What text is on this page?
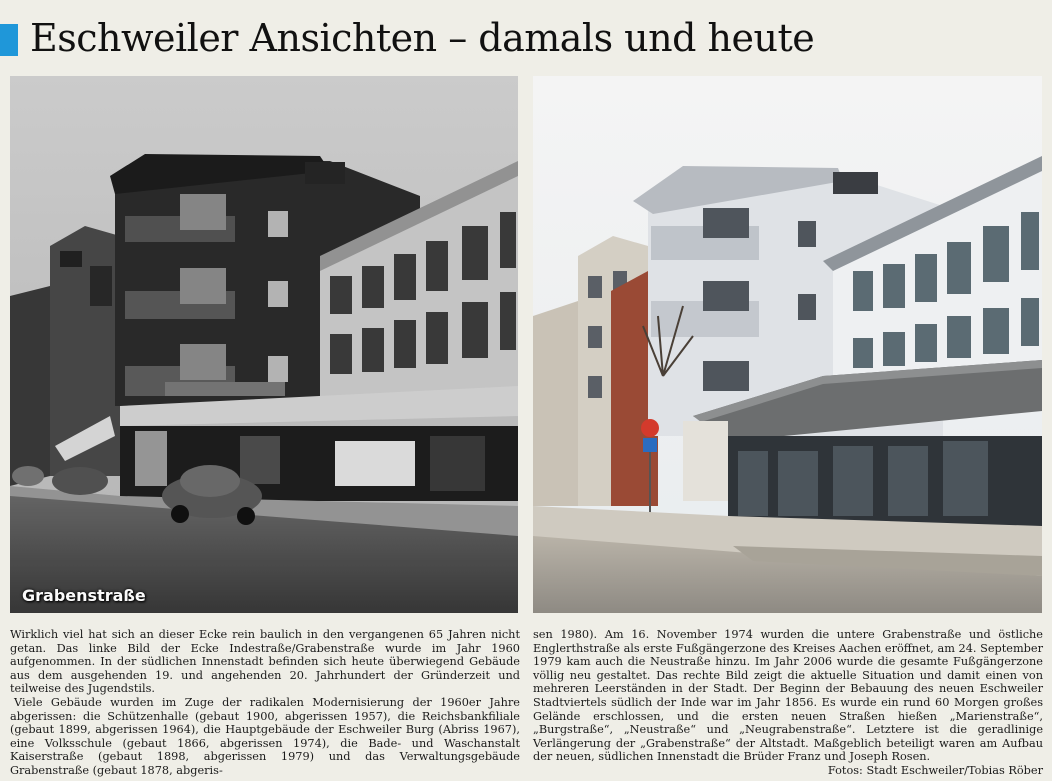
Eschweiler Ansichten – damals und heute
Grabenstraße

Wirklich viel hat sich an dieser Ecke rein baulich in den vergangenen 65 Jahren nicht getan. Das linke Bild der Ecke Indestraße/Grabenstraße wurde im Jahr 1960 aufgenommen. In der südlichen Innenstadt befinden sich heute überwiegend Gebäude aus dem ausgehenden 19. und angehenden 20. Jahrhundert der Gründerzeit und teilweise des Jugendstils.

Viele Gebäude wurden im Zuge der radikalen Modernisierung der 1960er Jahre abgerissen: die Schützenhalle (gebaut 1900, abgerissen 1957), die Reichsbankfiliale (gebaut 1899, abgerissen 1964), die Hauptgebäude der Eschweiler Burg (Abriss 1967), eine Volksschule (gebaut 1866, abgerissen 1974), die Bade- und Waschanstalt Kaiserstraße (gebaut 1898, abgerissen 1979) und das Verwaltungsgebäude Grabenstraße (gebaut 1878, abgeris-

sen 1980). Am 16. November 1974 wurden die untere Grabenstraße und östliche Englerthstraße als erste Fußgängerzone des Kreises Aachen eröffnet, am 24. September 1979 kam auch die Neustraße hinzu. Im Jahr 2006 wurde die gesamte Fußgängerzone völlig neu gestaltet. Das rechte Bild zeigt die aktuelle Situation und damit einen von mehreren Leerständen in der Stadt. Der Beginn der Bebauung des neuen Eschweiler Stadtviertels südlich der Inde war im Jahr 1856. Es wurde ein rund 60 Morgen großes Gelände erschlossen, und die ersten neuen Straßen hießen „Marienstraße“, „Burgstraße“, „Neustraße“ und „Neugrabenstraße“. Letztere ist die geradlinige Verlängerung der „Grabenstraße“ der Altstadt. Maßgeblich beteiligt waren am Aufbau der neuen, südlichen Innenstadt die Brüder Franz und Joseph Rosen.
Fotos: Stadt Eschweiler/Tobias Röber
